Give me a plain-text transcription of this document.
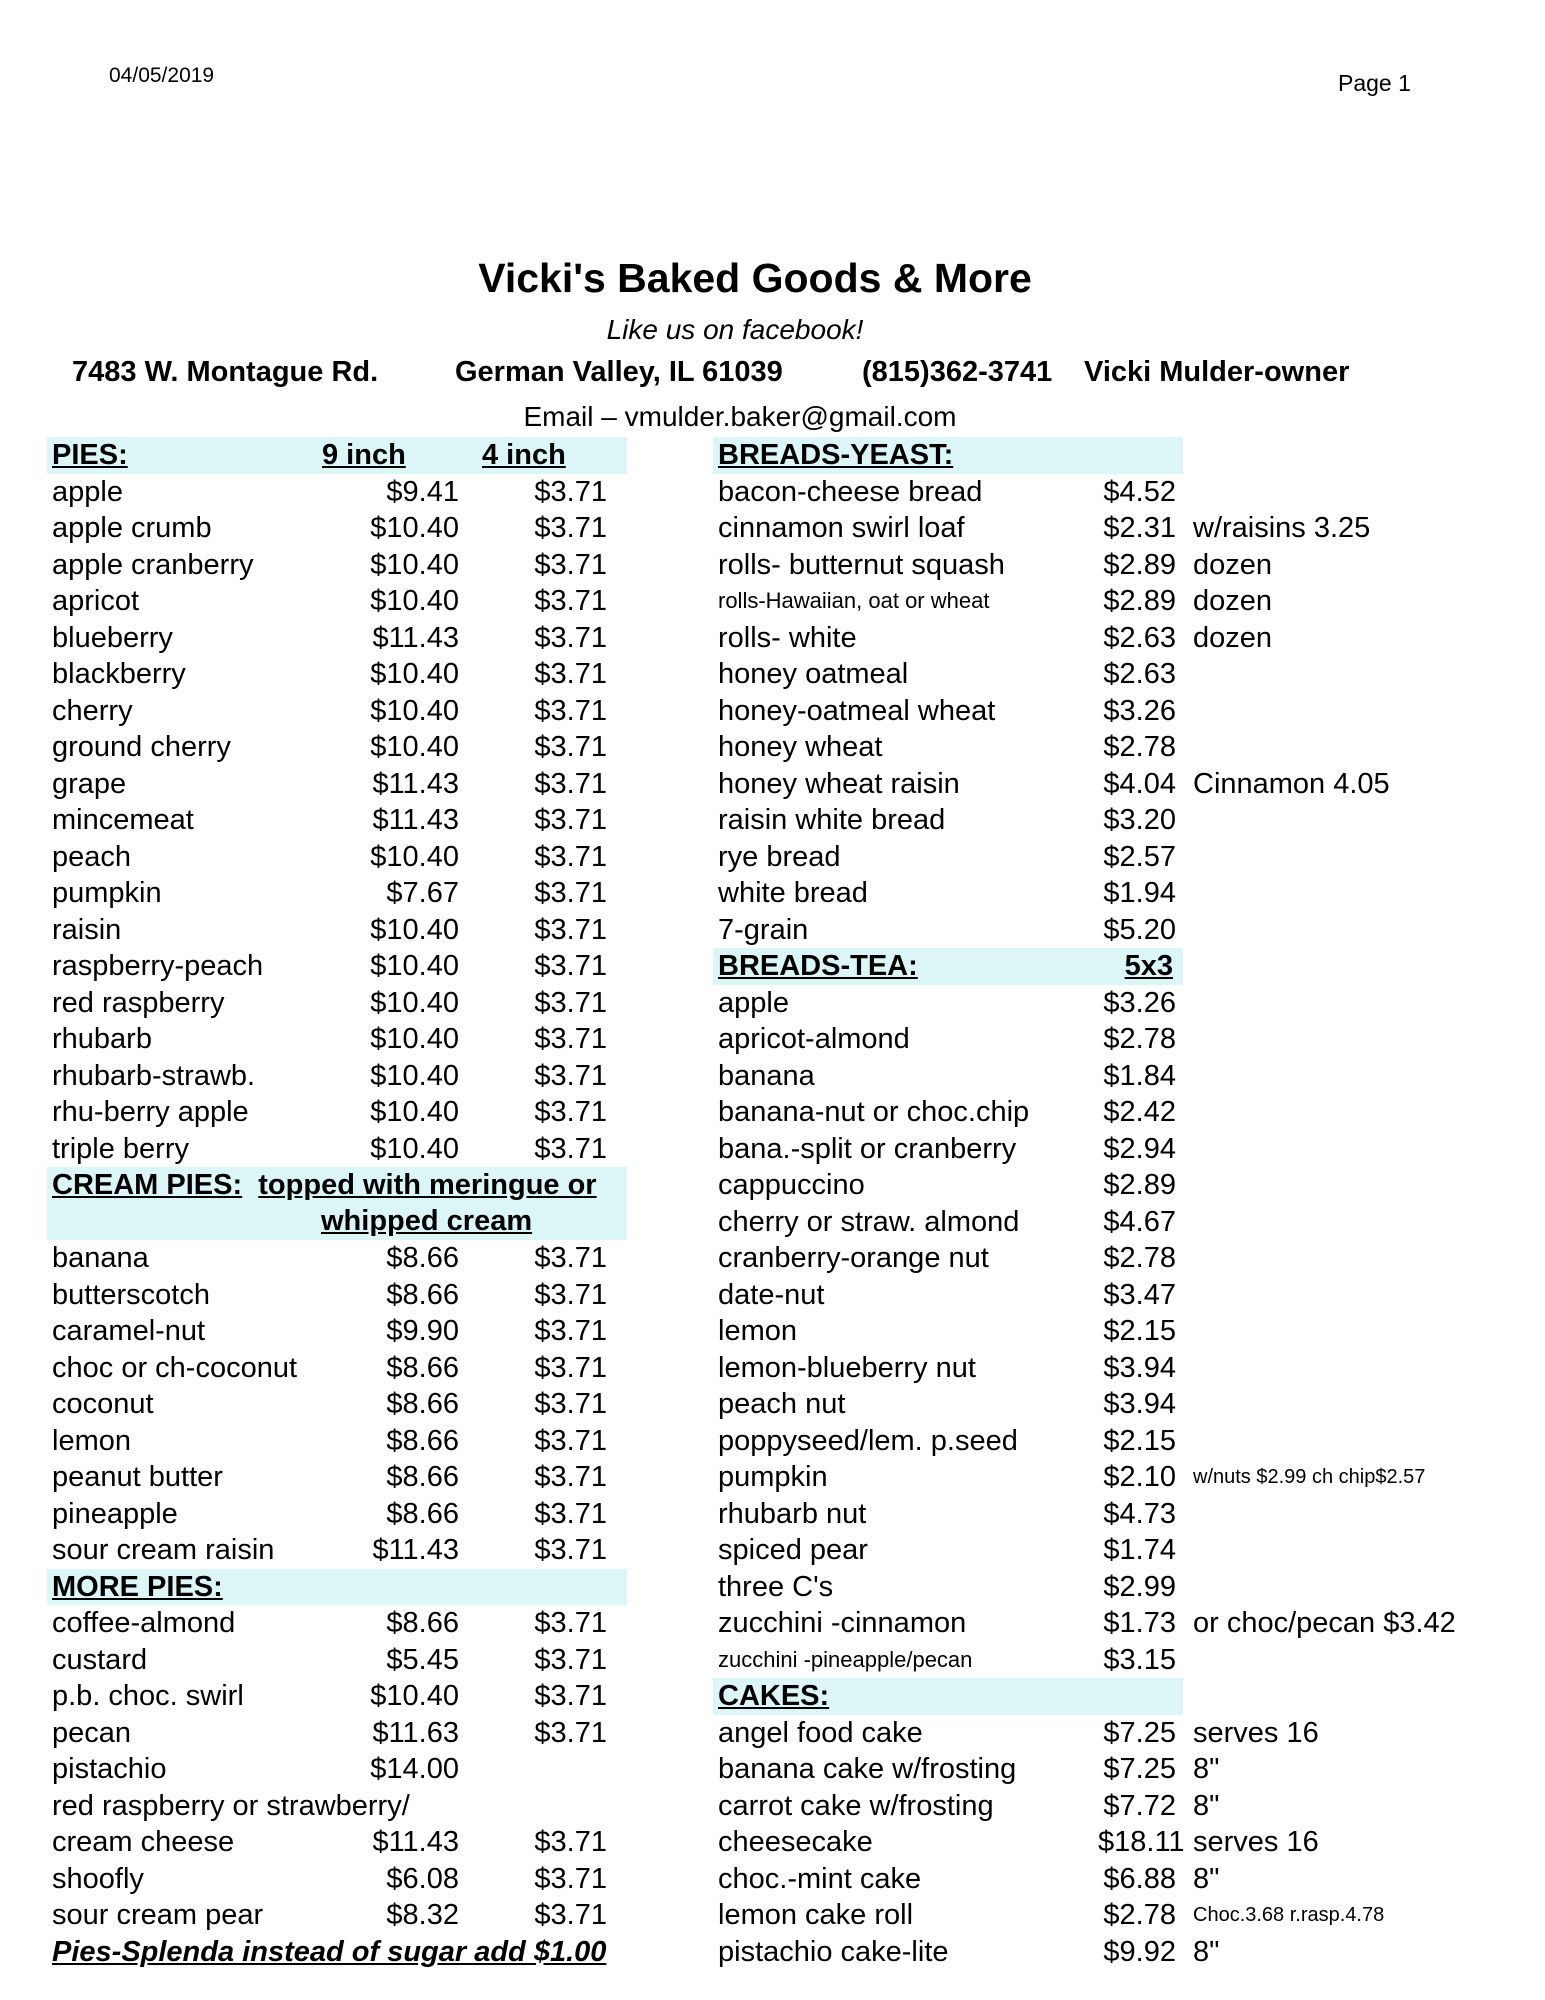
04/05/2019	Page 1
Vicki's Baked Goods & More
Like us on facebook!
7483 W. Montague Rd.	German Valley, IL 61039	(815)362-3741 Vicki Mulder-owner
Email – vmulder.baker@gmail.com
PIES:	9 inch	4 inch
apple	$9.41	$3.71
apple crumb	$10.40	$3.71
apple cranberry	$10.40	$3.71
apricot	$10.40	$3.71
blueberry	$11.43	$3.71
blackberry	$10.40	$3.71
cherry	$10.40	$3.71
ground cherry	$10.40	$3.71
grape	$11.43	$3.71
mincemeat	$11.43	$3.71
peach	$10.40	$3.71
pumpkin	$7.67	$3.71
raisin	$10.40	$3.71
raspberry-peach	$10.40	$3.71
red raspberry	$10.40	$3.71
rhubarb	$10.40	$3.71
rhubarb-strawb.	$10.40	$3.71
rhu-berry apple	$10.40	$3.71
triple berry	$10.40	$3.71
CREAM PIES: topped with meringue or
whipped cream
banana	$8.66	$3.71
butterscotch	$8.66	$3.71
caramel-nut	$9.90	$3.71
choc or ch-coconut	$8.66	$3.71
coconut	$8.66	$3.71
lemon	$8.66	$3.71
peanut butter	$8.66	$3.71
pineapple	$8.66	$3.71
sour cream raisin	$11.43	$3.71
MORE PIES:
coffee-almond	$8.66	$3.71
custard	$5.45	$3.71
p.b. choc. swirl	$10.40	$3.71
pecan	$11.63	$3.71
pistachio	$14.00
red raspberry or strawberry/
cream cheese	$11.43	$3.71
shoofly	$6.08	$3.71
sour cream pear	$8.32	$3.71
Pies-Splenda instead of sugar add $1.00
BREADS-YEAST:
bacon-cheese bread	$4.52
cinnamon swirl loaf	$2.31 w/raisins 3.25
rolls- butternut squash	$2.89 dozen
rolls-Hawaiian, oat or wheat	$2.89 dozen
rolls- white	$2.63 dozen
honey oatmeal	$2.63
honey-oatmeal wheat	$3.26
honey wheat	$2.78
honey wheat raisin	$4.04 Cinnamon 4.05
raisin white bread	$3.20
rye bread	$2.57
white bread	$1.94
7-grain	$5.20
BREADS-TEA:	5x3
apple	$3.26
apricot-almond	$2.78
banana	$1.84
banana-nut or choc.chip	$2.42
bana.-split or cranberry	$2.94
cappuccino	$2.89
cherry or straw. almond	$4.67
cranberry-orange nut	$2.78
date-nut	$3.47
lemon	$2.15
lemon-blueberry nut	$3.94
peach nut	$3.94
poppyseed/lem. p.seed	$2.15
pumpkin	$2.10 w/nuts $2.99 ch chip$2.57
rhubarb nut	$4.73
spiced pear	$1.74
three C's	$2.99
zucchini -cinnamon	$1.73 or choc/pecan $3.42
zucchini -pineapple/pecan	$3.15
CAKES:
angel food cake	$7.25 serves 16
banana cake w/frosting	$7.25 8"
carrot cake w/frosting	$7.72 8"
cheesecake	$18.11 serves 16
choc.-mint cake	$6.88 8"
lemon cake roll	$2.78 Choc.3.68 r.rasp.4.78
pistachio cake-lite	$9.92 8"
